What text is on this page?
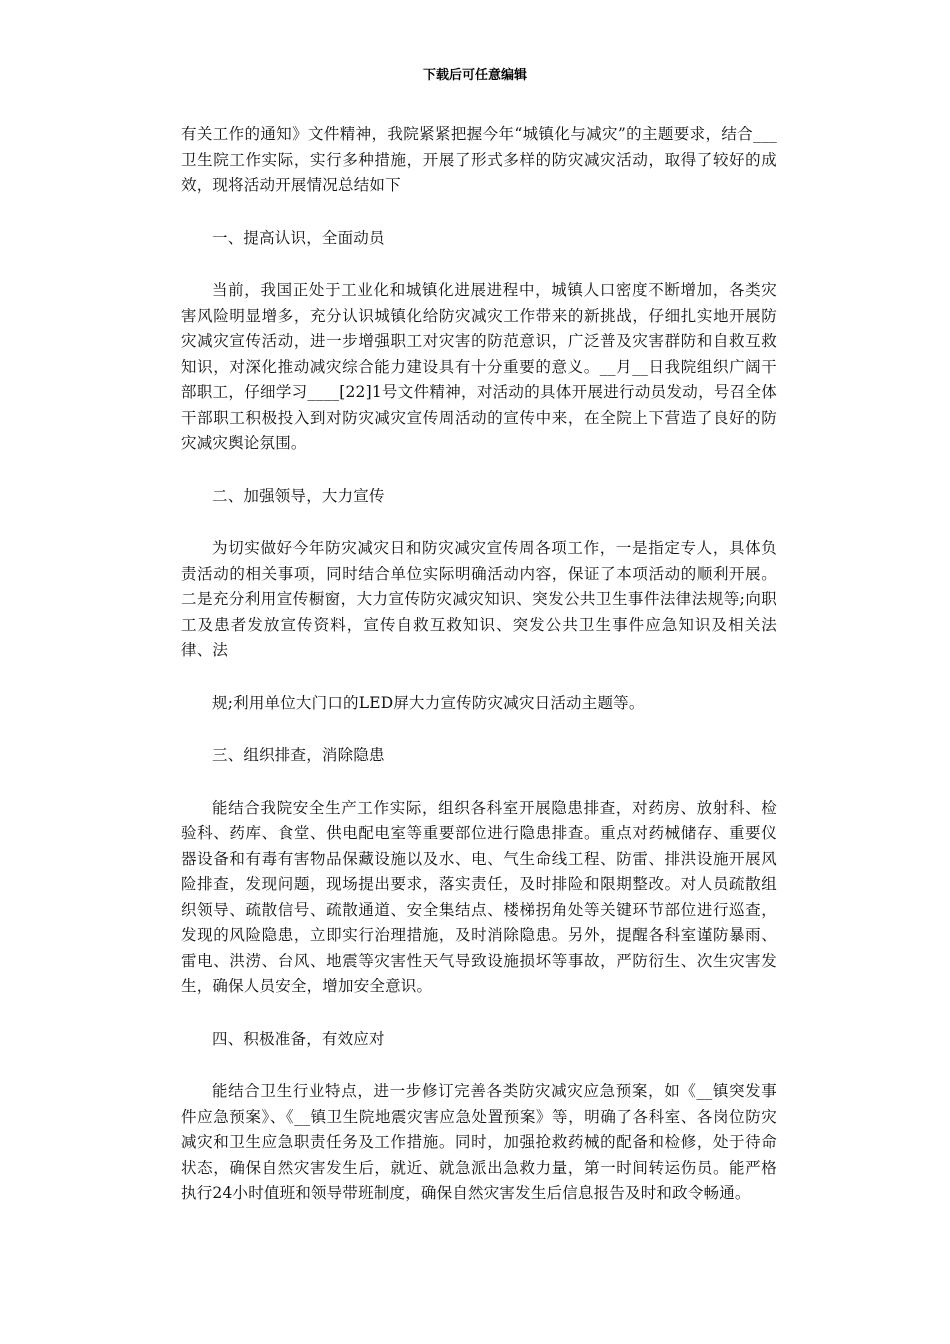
下载后可任意编辑

有关工作的通知》文件精神，我院紧紧把握今年“城镇化与减灾”的主题要求，结合___卫生院工作实际，实行多种措施，开展了形式多样的防灾减灾活动，取得了较好的成效，现将活动开展情况总结如下

一、提高认识，全面动员

当前，我国正处于工业化和城镇化进展进程中，城镇人口密度不断增加，各类灾害风险明显增多，充分认识城镇化给防灾减灾工作带来的新挑战，仔细扎实地开展防灾减灾宣传活动，进一步增强职工对灾害的防范意识，广泛普及灾害群防和自救互救知识，对深化推动减灾综合能力建设具有十分重要的意义。__月__日我院组织广阔干部职工，仔细学习____[22]1号文件精神，对活动的具体开展进行动员发动，号召全体干部职工积极投入到对防灾减灾宣传周活动的宣传中来，在全院上下营造了良好的防灾减灾舆论氛围。

二、加强领导，大力宣传

为切实做好今年防灾减灾日和防灾减灾宣传周各项工作，一是指定专人，具体负责活动的相关事项，同时结合单位实际明确活动内容，保证了本项活动的顺利开展。二是充分利用宣传橱窗，大力宣传防灾减灾知识、突发公共卫生事件法律法规等;向职工及患者发放宣传资料，宣传自救互救知识、突发公共卫生事件应急知识及相关法律、法

规;利用单位大门口的LED屏大力宣传防灾减灾日活动主题等。

三、组织排查，消除隐患

能结合我院安全生产工作实际，组织各科室开展隐患排查，对药房、放射科、检验科、药库、食堂、供电配电室等重要部位进行隐患排查。重点对药械储存、重要仪器设备和有毒有害物品保藏设施以及水、电、气生命线工程、防雷、排洪设施开展风险排查，发现问题，现场提出要求，落实责任，及时排险和限期整改。对人员疏散组织领导、疏散信号、疏散通道、安全集结点、楼梯拐角处等关键环节部位进行巡查，发现的风险隐患，立即实行治理措施，及时消除隐患。另外，提醒各科室谨防暴雨、雷电、洪涝、台风、地震等灾害性天气导致设施损坏等事故，严防衍生、次生灾害发生，确保人员安全，增加安全意识。

四、积极准备，有效应对

能结合卫生行业特点，进一步修订完善各类防灾减灾应急预案，如《__镇突发事件应急预案》、《__镇卫生院地震灾害应急处置预案》等，明确了各科室、各岗位防灾减灾和卫生应急职责任务及工作措施。同时，加强抢救药械的配备和检修，处于待命状态，确保自然灾害发生后，就近、就急派出急救力量，第一时间转运伤员。能严格执行24小时值班和领导带班制度，确保自然灾害发生后信息报告及时和政令畅通。
